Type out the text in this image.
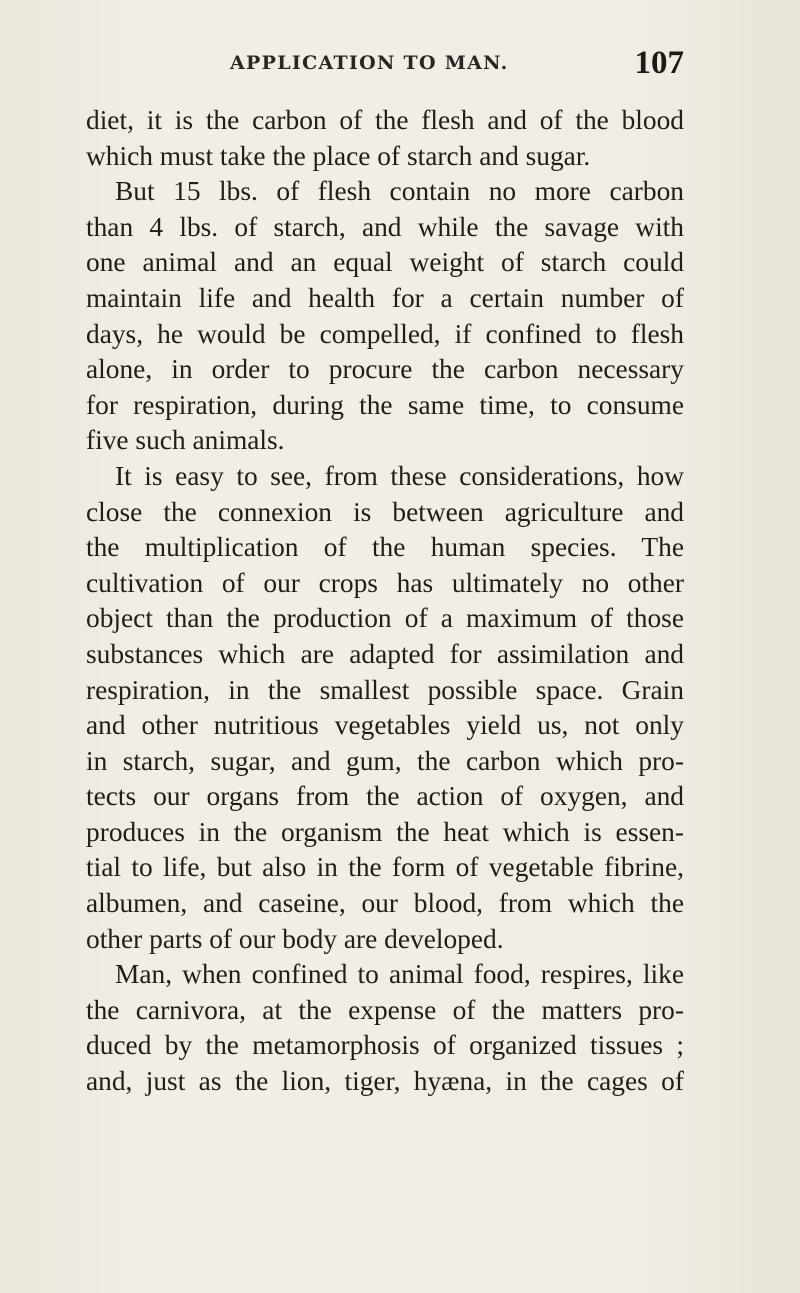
APPLICATION TO MAN.	107
diet, it is the carbon of the flesh and of the blood
which must take the place of starch and sugar.
But 15 lbs. of flesh contain no more carbon
than 4 lbs. of starch, and while the savage with
one animal and an equal weight of starch could
maintain life and health for a certain number of
days, he would be compelled, if confined to flesh
alone, in order to procure the carbon necessary
for respiration, during the same time, to consume
five such animals.
It is easy to see, from these considerations, how
close the connexion is between agriculture and
the multiplication of the human species. The
cultivation of our crops has ultimately no other
object than the production of a maximum of those
substances which are adapted for assimilation and
respiration, in the smallest possible space. Grain
and other nutritious vegetables yield us, not only
in starch, sugar, and gum, the carbon which pro-
tects our organs from the action of oxygen, and
produces in the organism the heat which is essen-
tial to life, but also in the form of vegetable fibrine,
albumen, and caseine, our blood, from which the
other parts of our body are developed.
Man, when confined to animal food, respires, like
the carnivora, at the expense of the matters pro-
duced by the metamorphosis of organized tissues ;
and, just as the lion, tiger, hyæna, in the cages of
